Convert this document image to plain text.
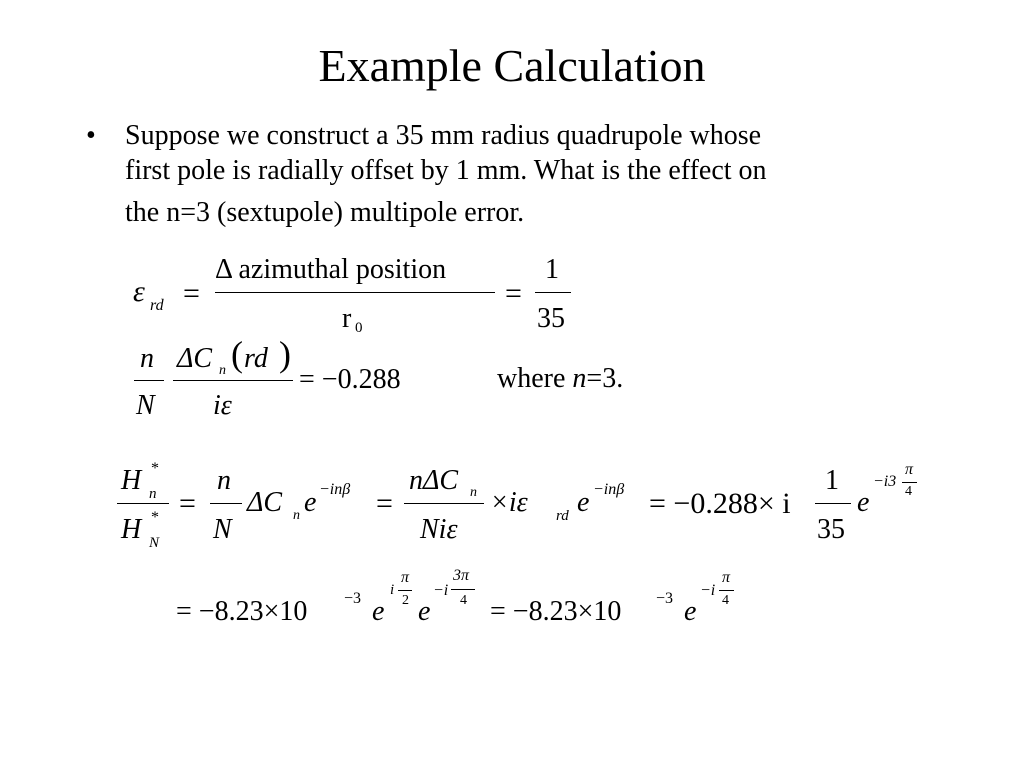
Example Calculation
• Suppose we construct a 35 mm radius quadrupole whose
first pole is radially offset by 1 mm. What is the effect on
the n=3 (sextupole) multipole error.
ε rd =
Δ azimuthal position
r 0
=
1
35
n
N
ΔC n ( rd )
iε
= −0.288	where n=3.
H *
n
H *
N
=
n
N
ΔC n e −inβ =
nΔC n
Niε
×iε rd e −inβ = −0.288× i
1
35
e
−i3
π
4
= −8.23×10 −3 e
i
π
2 e
−i
3π
4 = −8.23×10 −3 e
−i
π
4
